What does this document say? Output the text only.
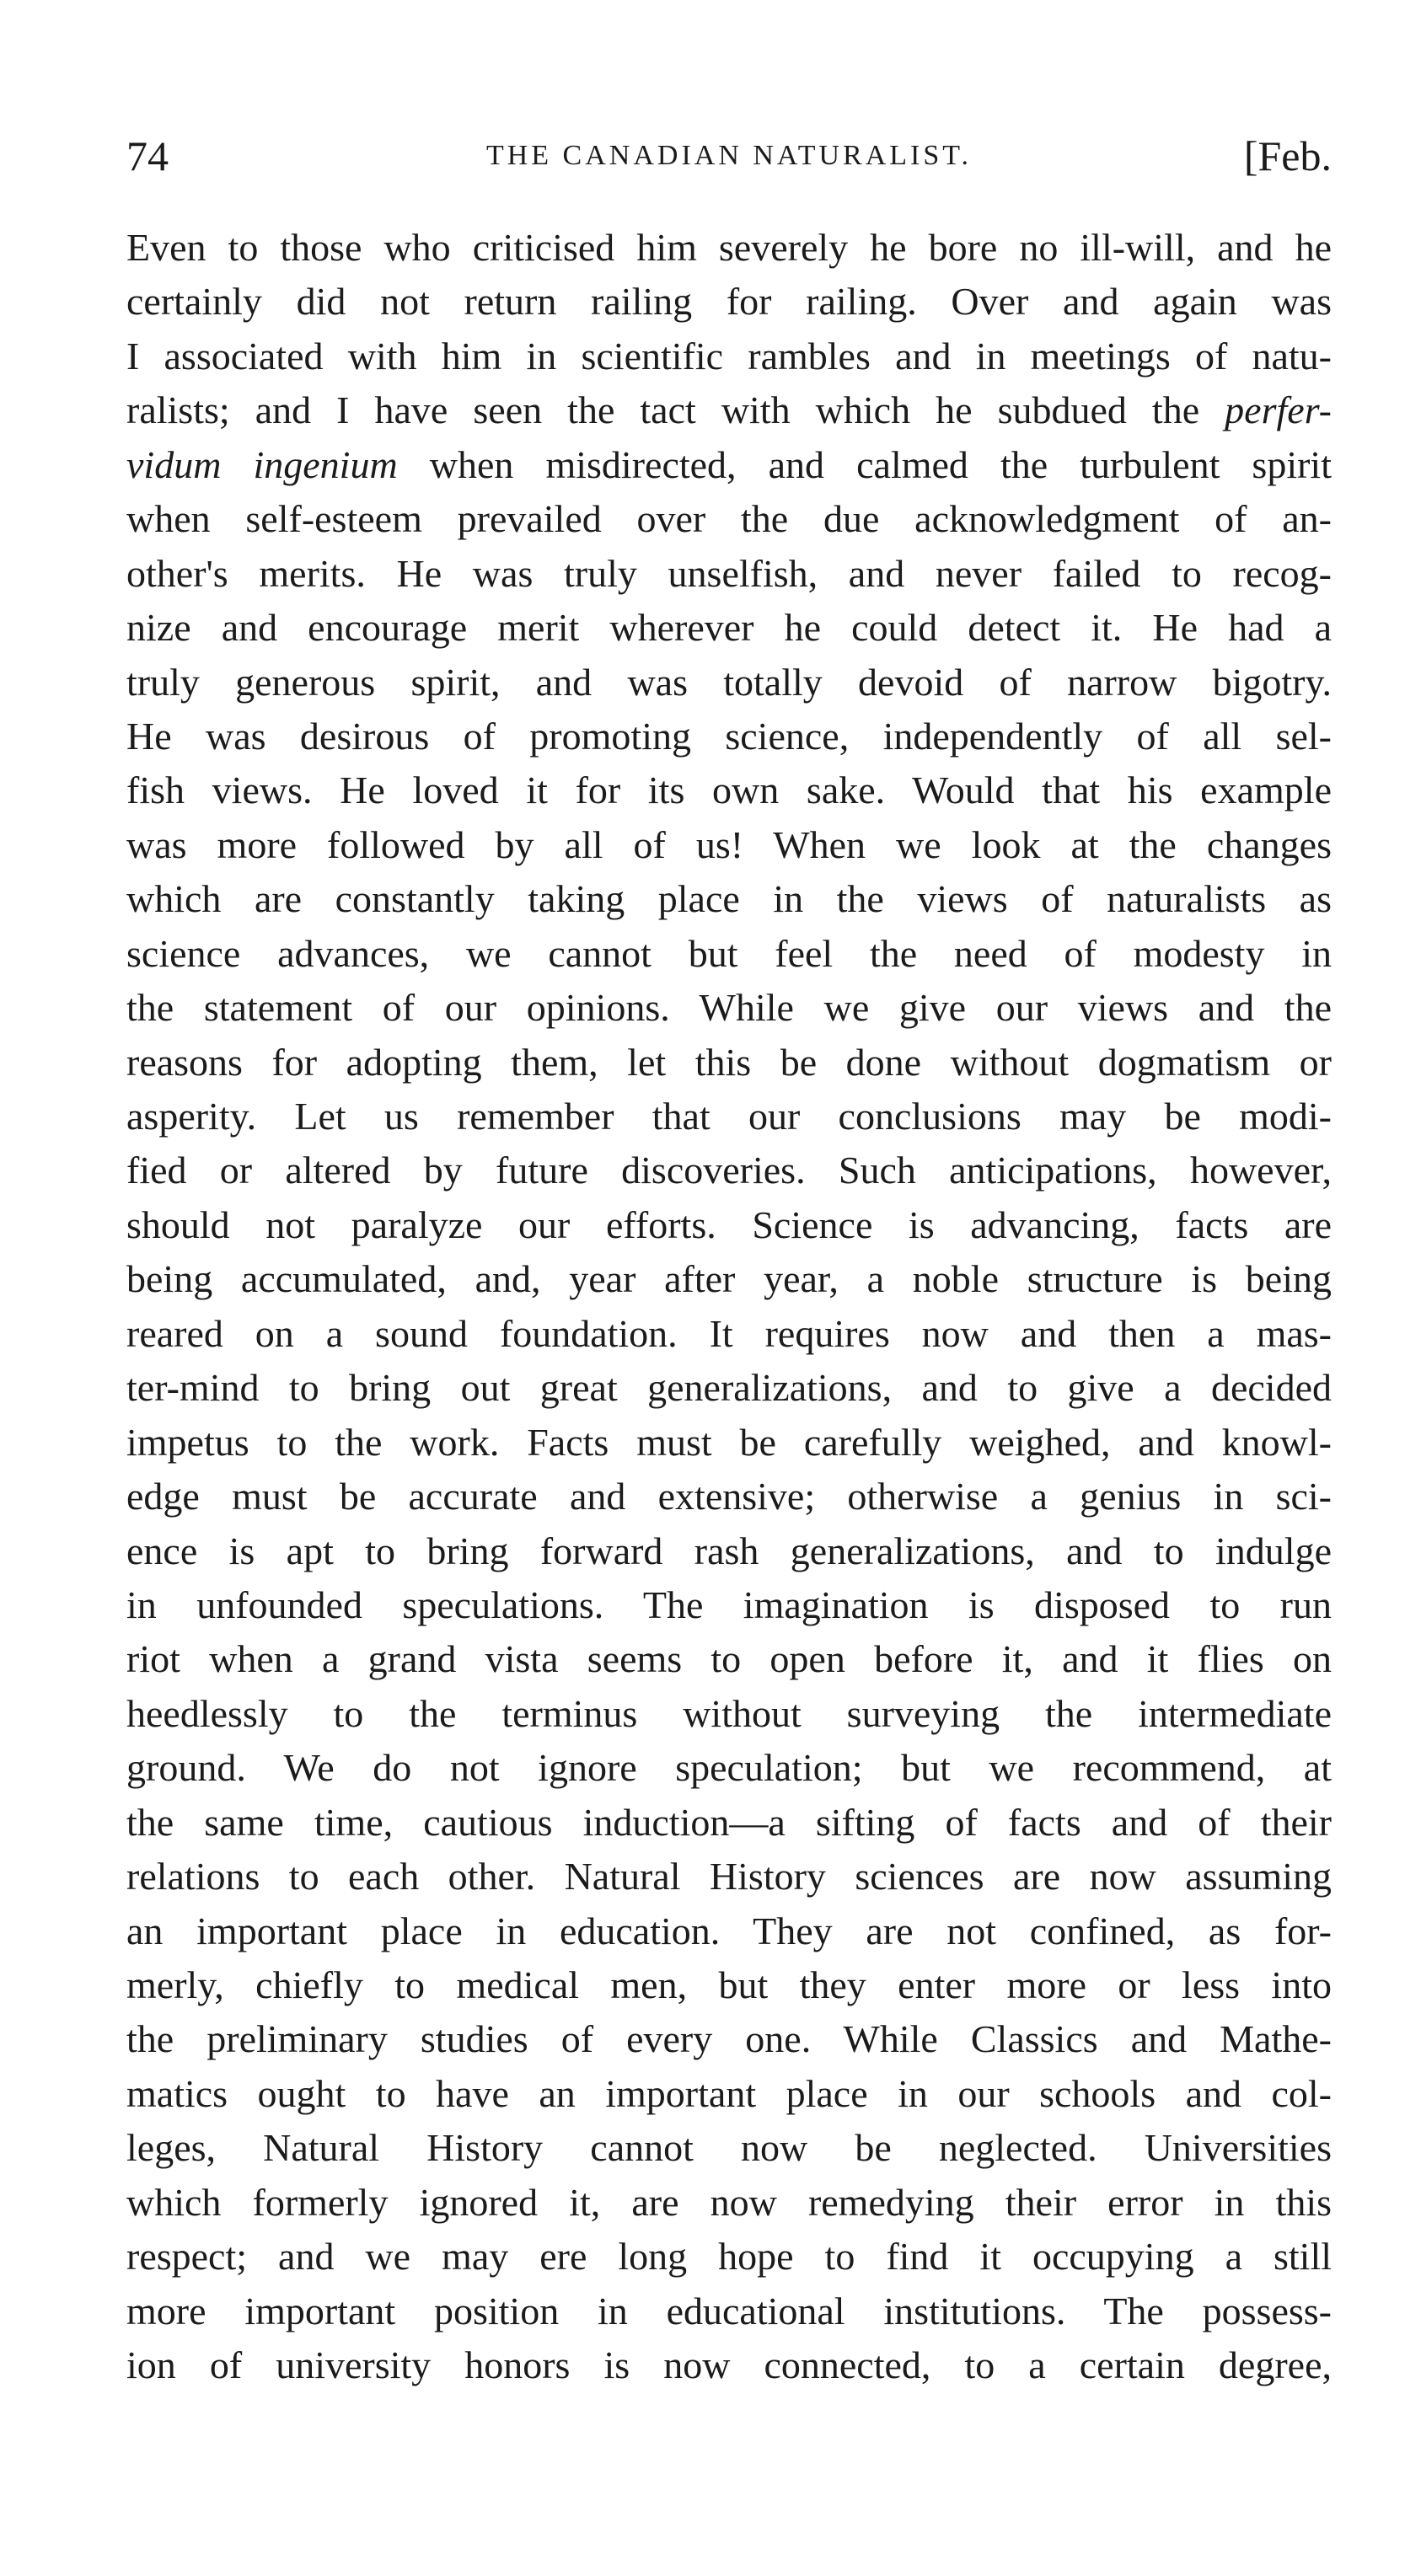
74	THE CANADIAN NATURALIST.	[Feb.
Even to those who criticised him severely he bore no ill-will, and he
certainly did not return railing for railing. Over and again was
I associated with him in scientific rambles and in meetings of natu-
ralists; and I have seen the tact with which he subdued the perfer-
vidum ingenium when misdirected, and calmed the turbulent spirit
when self-esteem prevailed over the due acknowledgment of an-
other's merits. He was truly unselfish, and never failed to recog-
nize and encourage merit wherever he could detect it. He had a
truly generous spirit, and was totally devoid of narrow bigotry.
He was desirous of promoting science, independently of all sel-
fish views. He loved it for its own sake. Would that his example
was more followed by all of us! When we look at the changes
which are constantly taking place in the views of naturalists as
science advances, we cannot but feel the need of modesty in
the statement of our opinions. While we give our views and the
reasons for adopting them, let this be done without dogmatism or
asperity. Let us remember that our conclusions may be modi-
fied or altered by future discoveries. Such anticipations, however,
should not paralyze our efforts. Science is advancing, facts are
being accumulated, and, year after year, a noble structure is being
reared on a sound foundation. It requires now and then a mas-
ter-mind to bring out great generalizations, and to give a decided
impetus to the work. Facts must be carefully weighed, and knowl-
edge must be accurate and extensive; otherwise a genius in sci-
ence is apt to bring forward rash generalizations, and to indulge
in unfounded speculations. The imagination is disposed to run
riot when a grand vista seems to open before it, and it flies on
heedlessly to the terminus without surveying the intermediate
ground. We do not ignore speculation; but we recommend, at
the same time, cautious induction—a sifting of facts and of their
relations to each other. Natural History sciences are now assuming
an important place in education. They are not confined, as for-
merly, chiefly to medical men, but they enter more or less into
the preliminary studies of every one. While Classics and Mathe-
matics ought to have an important place in our schools and col-
leges, Natural History cannot now be neglected. Universities
which formerly ignored it, are now remedying their error in this
respect; and we may ere long hope to find it occupying a still
more important position in educational institutions. The possess-
ion of university honors is now connected, to a certain degree,
